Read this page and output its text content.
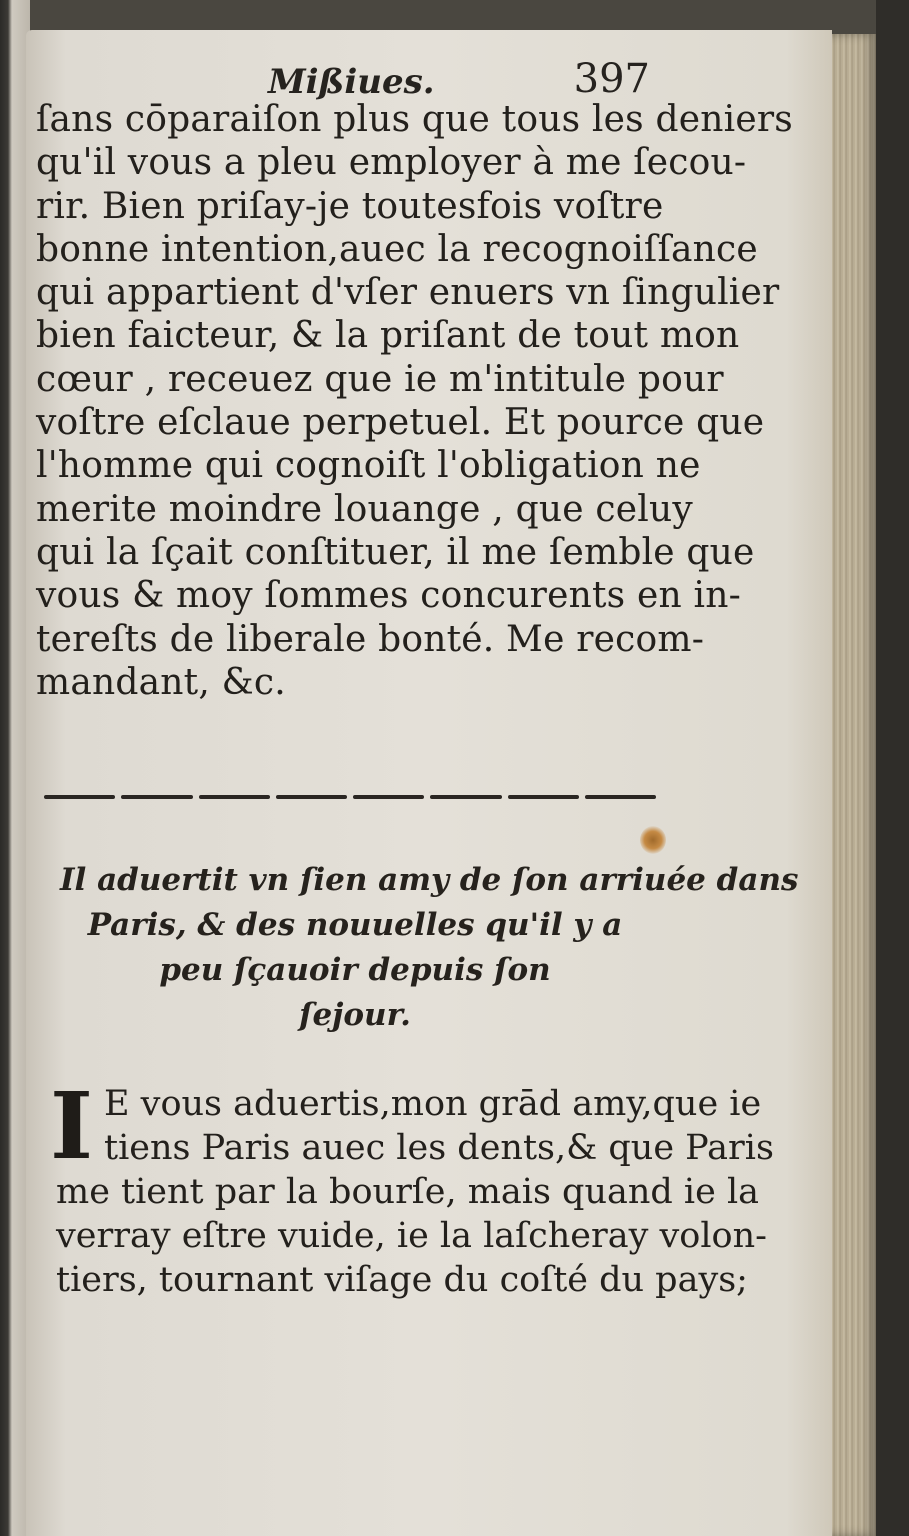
Mißiues.	397
ſans cōparaiſon plus que tous les deniers
qu'il vous a pleu employer à me ſecou-
rir. Bien priſay-je toutesfois voſtre
bonne intention,auec la recognoiſſance
qui appartient d'vſer enuers vn ſingulier
bien faicteur, & la priſant de tout mon
cœur , receuez que ie m'intitule pour
voſtre eſclaue perpetuel. Et pource que
l'homme qui cognoiſt l'obligation ne
merite moindre louange , que celuy
qui la ſçait conſtituer, il me ſemble que
vous & moy ſommes concurents en in-
tereſts de liberale bonté. Me recom-
mandant, &c.
Il aduertit vn ſien amy de ſon arriuée dans
Paris, & des nouuelles qu'il y a
peu ſçauoir depuis ſon
ſejour.
I E vous aduertis,mon grād amy,que ie
tiens Paris auec les dents,& que Paris
me tient par la bourſe, mais quand ie la
verray eſtre vuide, ie la laſcheray volon-
tiers, tournant viſage du coſté du pays;
